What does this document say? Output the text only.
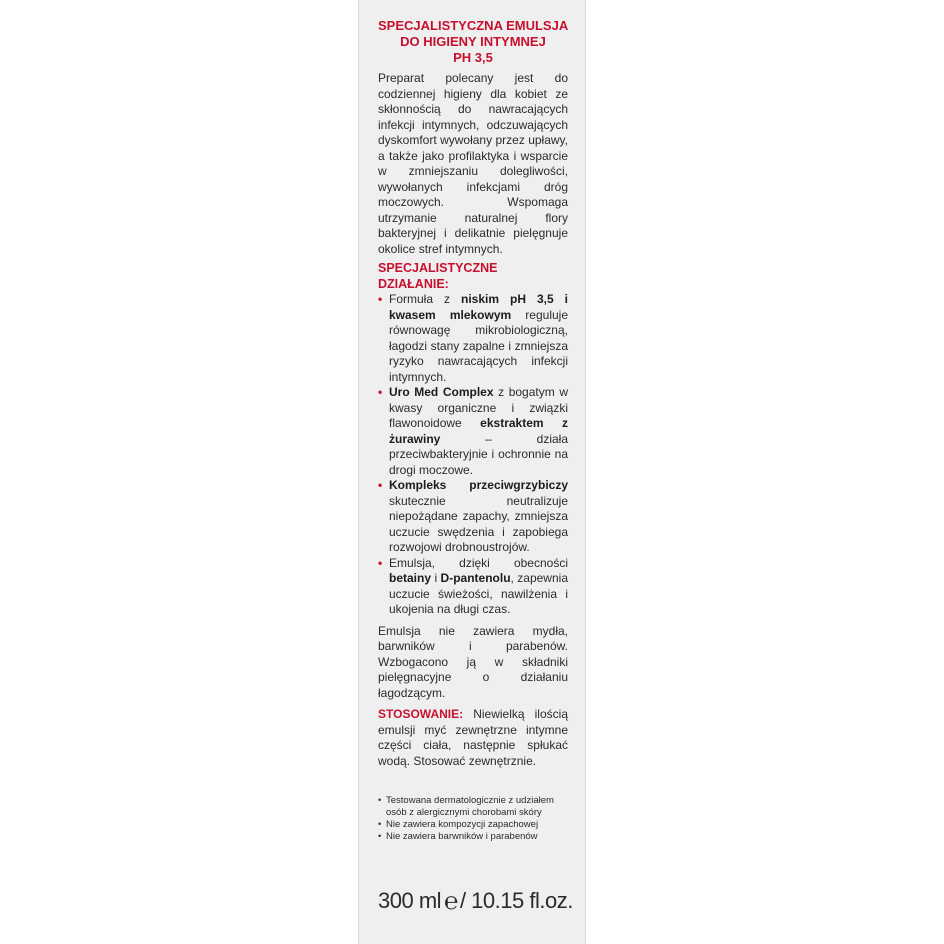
SPECJALISTYCZNA EMULSJA
DO HIGIENY INTYMNEJ
PH 3,5

Preparat polecany jest do codziennej higieny dla kobiet ze skłonnością do nawracających infekcji intymnych, odczuwających dyskomfort wywołany przez upławy, a także jako profilaktyka i wsparcie w zmniejszaniu dolegliwości, wywołanych infekcjami dróg moczowych. Wspomaga utrzymanie naturalnej flory bakteryjnej i delikatnie pielęgnuje okolice stref intymnych.

SPECJALISTYCZNE
DZIAŁANIE:
• Formuła z niskim pH 3,5 i kwasem mlekowym reguluje równowagę mikrobiologiczną, łagodzi stany zapalne i zmniejsza ryzyko nawracających infekcji intymnych.
• Uro Med Complex z bogatym w kwasy organiczne i związki flawonoidowe ekstraktem z żurawiny – działa przeciwbakteryjnie i ochronnie na drogi moczowe.
• Kompleks przeciwgrzybiczy skutecznie neutralizuje niepożądane zapachy, zmniejsza uczucie swędzenia i zapobiega rozwojowi drobnoustrojów.
• Emulsja, dzięki obecności betainy i D-pantenolu, zapewnia uczucie świeżości, nawilżenia i ukojenia na długi czas.

Emulsja nie zawiera mydła, barwników i parabenów. Wzbogacono ją w składniki pielęgnacyjne o działaniu łagodzącym.

STOSOWANIE: Niewielką ilością emulsji myć zewnętrzne intymne części ciała, następnie spłukać wodą. Stosować zewnętrznie.

• Testowana dermatologicznie z udziałem osób z alergicznymi chorobami skóry
• Nie zawiera kompozycji zapachowej
• Nie zawiera barwników i parabenów
300 ml ℮/ 10.15 fl.oz.
